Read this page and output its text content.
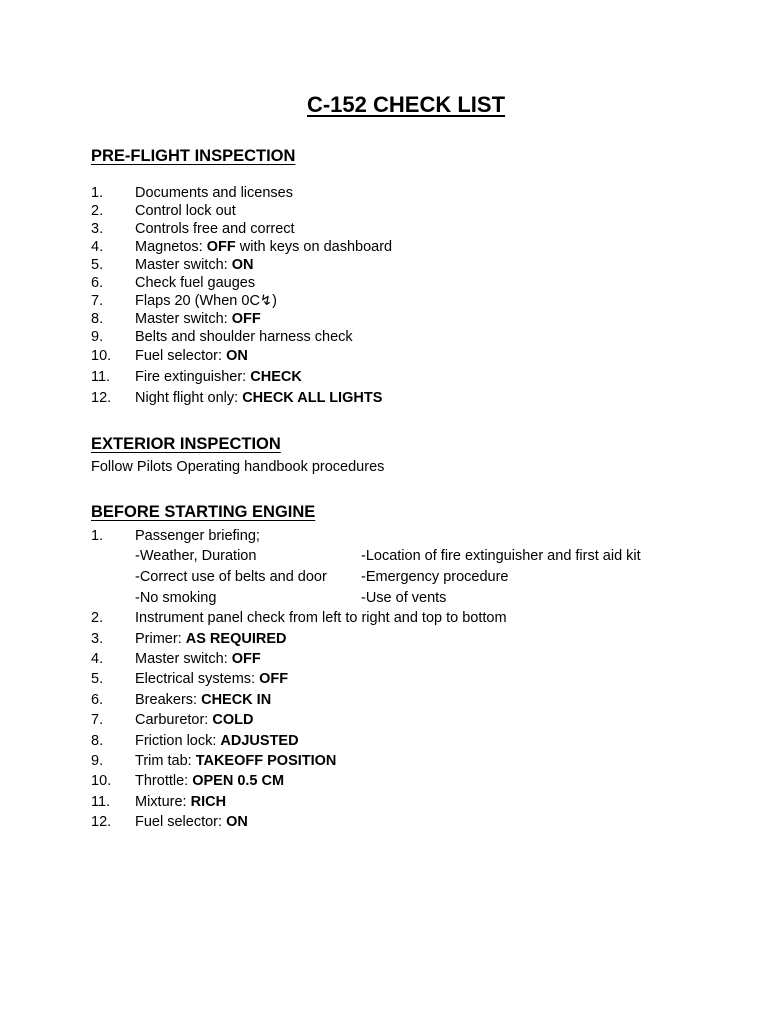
C-152 CHECK LIST
PRE-FLIGHT INSPECTION
1.	Documents and licenses
2.	Control lock out
3.	Controls free and correct
4.	Magnetos: OFF with keys on dashboard
5.	Master switch: ON
6.	Check fuel gauges
7.	Flaps 20 (When 0C↯)
8.	Master switch: OFF
9.	Belts and shoulder harness check
10.	Fuel selector: ON
11.	Fire extinguisher: CHECK
12.	Night flight only: CHECK ALL LIGHTS
EXTERIOR INSPECTION
Follow Pilots Operating handbook procedures
BEFORE STARTING ENGINE
1.	Passenger briefing;
-Weather, Duration	-Location of fire extinguisher and first aid kit
-Correct use of belts and door -Emergency procedure
-No smoking	-Use of vents
2.	Instrument panel check from left to right and top to bottom
3.	Primer: AS REQUIRED
4.	Master switch: OFF
5.	Electrical systems: OFF
6.	Breakers: CHECK IN
7.	Carburetor: COLD
8.	Friction lock: ADJUSTED
9.	Trim tab: TAKEOFF POSITION
10.	Throttle: OPEN 0.5 CM
11.	Mixture: RICH
12.	Fuel selector: ON
